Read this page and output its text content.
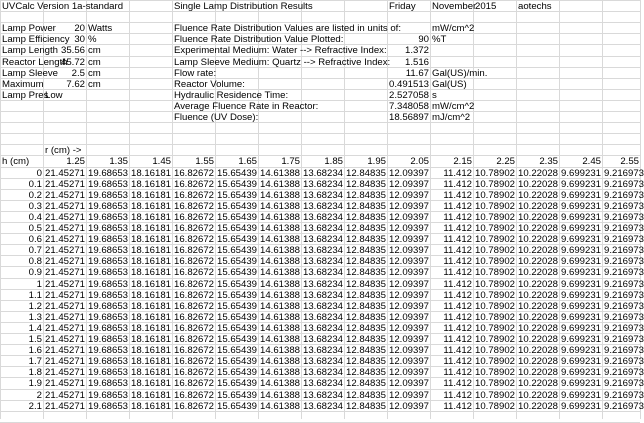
UVCalc Version 1a-standard	Single Lamp Distribution Results	Friday	November
2015	aotechs
Lamp Power	20 Watts
Lamp Efficiency 30 %
Lamp Length 35.56 cm
Reactor Length
45.72 cm
Lamp Sleeve	2.5 cm
Maximum	7.62 cm
Lamp Pres
Low
Fluence Rate Distribution Values are listed in units of:	mW/cm^2
Fluence Rate Distribution Value Plotted:	90 %T
Experimental Medium: Water --> Refractive Index:	1.372
Lamp Sleeve Medium: Quartz --> Refractive Index:	1.516
Flow rate:	11.67 Gal(US)/min.
Reactor Volume:	0.491513 Gal(US)
Hydraulic Residence Time:	2.527058 s
Average Fluence Rate in Reactor:	7.348058 mW/cm^2
Fluence (UV Dose):	18.56897 mJ/cm^2
r (cm) ->
h (cm)	1.25	1.35	1.45	1.55	1.65	1.75	1.85	1.95	2.05	2.15	2.25	2.35	2.45	2.55
0 21.45271 19.68653 18.16181 16.82672 15.65439 14.61388 13.68234 12.84835 12.09397	11.412 10.78902 10.22028 9.699231 9.216973
0.1 21.45271 19.68653 18.16181 16.82672 15.65439 14.61388 13.68234 12.84835 12.09397	11.412 10.78902 10.22028 9.699231 9.216973
0.2 21.45271 19.68653 18.16181 16.82672 15.65439 14.61388 13.68234 12.84835 12.09397	11.412 10.78902 10.22028 9.699231 9.216973
0.3 21.45271 19.68653 18.16181 16.82672 15.65439 14.61388 13.68234 12.84835 12.09397	11.412 10.78902 10.22028 9.699231 9.216973
0.4 21.45271 19.68653 18.16181 16.82672 15.65439 14.61388 13.68234 12.84835 12.09397	11.412 10.78902 10.22028 9.699231 9.216973
0.5 21.45271 19.68653 18.16181 16.82672 15.65439 14.61388 13.68234 12.84835 12.09397	11.412 10.78902 10.22028 9.699231 9.216973
0.6 21.45271 19.68653 18.16181 16.82672 15.65439 14.61388 13.68234 12.84835 12.09397	11.412 10.78902 10.22028 9.699231 9.216973
0.7 21.45271 19.68653 18.16181 16.82672 15.65439 14.61388 13.68234 12.84835 12.09397	11.412 10.78902 10.22028 9.699231 9.216973
0.8 21.45271 19.68653 18.16181 16.82672 15.65439 14.61388 13.68234 12.84835 12.09397	11.412 10.78902 10.22028 9.699231 9.216973
0.9 21.45271 19.68653 18.16181 16.82672 15.65439 14.61388 13.68234 12.84835 12.09397	11.412 10.78902 10.22028 9.699231 9.216973
1 21.45271 19.68653 18.16181 16.82672 15.65439 14.61388 13.68234 12.84835 12.09397	11.412 10.78902 10.22028 9.699231 9.216973
1.1 21.45271 19.68653 18.16181 16.82672 15.65439 14.61388 13.68234 12.84835 12.09397	11.412 10.78902 10.22028 9.699231 9.216973
1.2 21.45271 19.68653 18.16181 16.82672 15.65439 14.61388 13.68234 12.84835 12.09397	11.412 10.78902 10.22028 9.699231 9.216973
1.3 21.45271 19.68653 18.16181 16.82672 15.65439 14.61388 13.68234 12.84835 12.09397	11.412 10.78902 10.22028 9.699231 9.216973
1.4 21.45271 19.68653 18.16181 16.82672 15.65439 14.61388 13.68234 12.84835 12.09397	11.412 10.78902 10.22028 9.699231 9.216973
1.5 21.45271 19.68653 18.16181 16.82672 15.65439 14.61388 13.68234 12.84835 12.09397	11.412 10.78902 10.22028 9.699231 9.216973
1.6 21.45271 19.68653 18.16181 16.82672 15.65439 14.61388 13.68234 12.84835 12.09397	11.412 10.78902 10.22028 9.699231 9.216973
1.7 21.45271 19.68653 18.16181 16.82672 15.65439 14.61388 13.68234 12.84835 12.09397	11.412 10.78902 10.22028 9.699231 9.216973
1.8 21.45271 19.68653 18.16181 16.82672 15.65439 14.61388 13.68234 12.84835 12.09397	11.412 10.78902 10.22028 9.699231 9.216973
1.9 21.45271 19.68653 18.16181 16.82672 15.65439 14.61388 13.68234 12.84835 12.09397	11.412 10.78902 10.22028 9.699231 9.216973
2 21.45271 19.68653 18.16181 16.82672 15.65439 14.61388 13.68234 12.84835 12.09397	11.412 10.78902 10.22028 9.699231 9.216973
2.1 21.45271 19.68653 18.16181 16.82672 15.65439 14.61388 13.68234 12.84835 12.09397	11.412 10.78902 10.22028 9.699231 9.216973
